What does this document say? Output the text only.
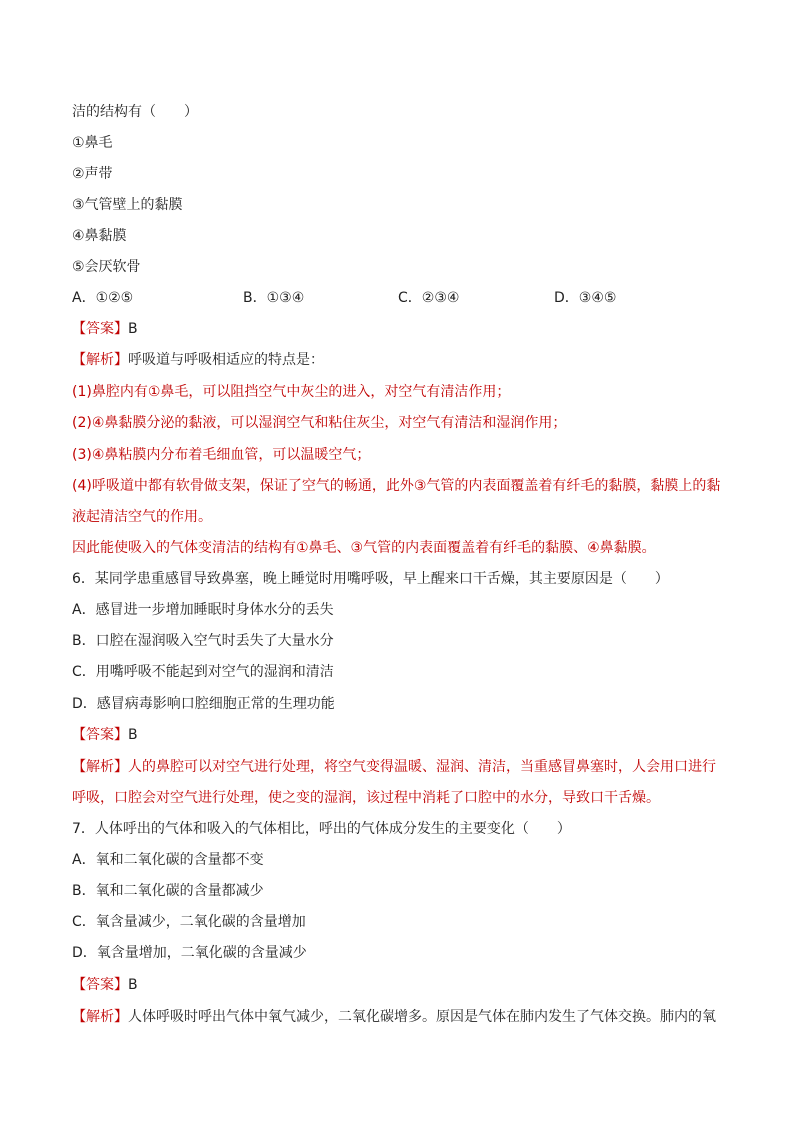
洁的结构有（　　）
①鼻毛
②声带
③气管壁上的黏膜
④鼻黏膜
⑤会厌软骨
A．①②⑤	B．①③④	C．②③④	D．③④⑤
【答案】B
【解析】呼吸道与呼吸相适应的特点是：
(1)鼻腔内有①鼻毛，可以阻挡空气中灰尘的进入，对空气有清洁作用；
(2)④鼻黏膜分泌的黏液，可以湿润空气和粘住灰尘，对空气有清洁和湿润作用；
(3)④鼻粘膜内分布着毛细血管，可以温暖空气；
(4)呼吸道中都有软骨做支架，保证了空气的畅通，此外③气管的内表面覆盖着有纤毛的黏膜，黏膜上的黏
液起清洁空气的作用。
因此能使吸入的气体变清洁的结构有①鼻毛、③气管的内表面覆盖着有纤毛的黏膜、④鼻黏膜。
6．某同学患重感冒导致鼻塞，晚上睡觉时用嘴呼吸，早上醒来口干舌燥，其主要原因是（　　）
A．感冒进一步增加睡眠时身体水分的丢失
B．口腔在湿润吸入空气时丢失了大量水分
C．用嘴呼吸不能起到对空气的湿润和清洁
D．感冒病毒影响口腔细胞正常的生理功能
【答案】B
【解析】人的鼻腔可以对空气进行处理，将空气变得温暖、湿润、清洁，当重感冒鼻塞时，人会用口进行
呼吸，口腔会对空气进行处理，使之变的湿润，该过程中消耗了口腔中的水分，导致口干舌燥。
7．人体呼出的气体和吸入的气体相比，呼出的气体成分发生的主要变化（　　）
A．氧和二氧化碳的含量都不变
B．氧和二氧化碳的含量都减少
C．氧含量减少，二氧化碳的含量增加
D．氧含量增加，二氧化碳的含量减少
【答案】B
【解析】人体呼吸时呼出气体中氧气减少，二氧化碳增多。原因是气体在肺内发生了气体交换。肺内的氧
